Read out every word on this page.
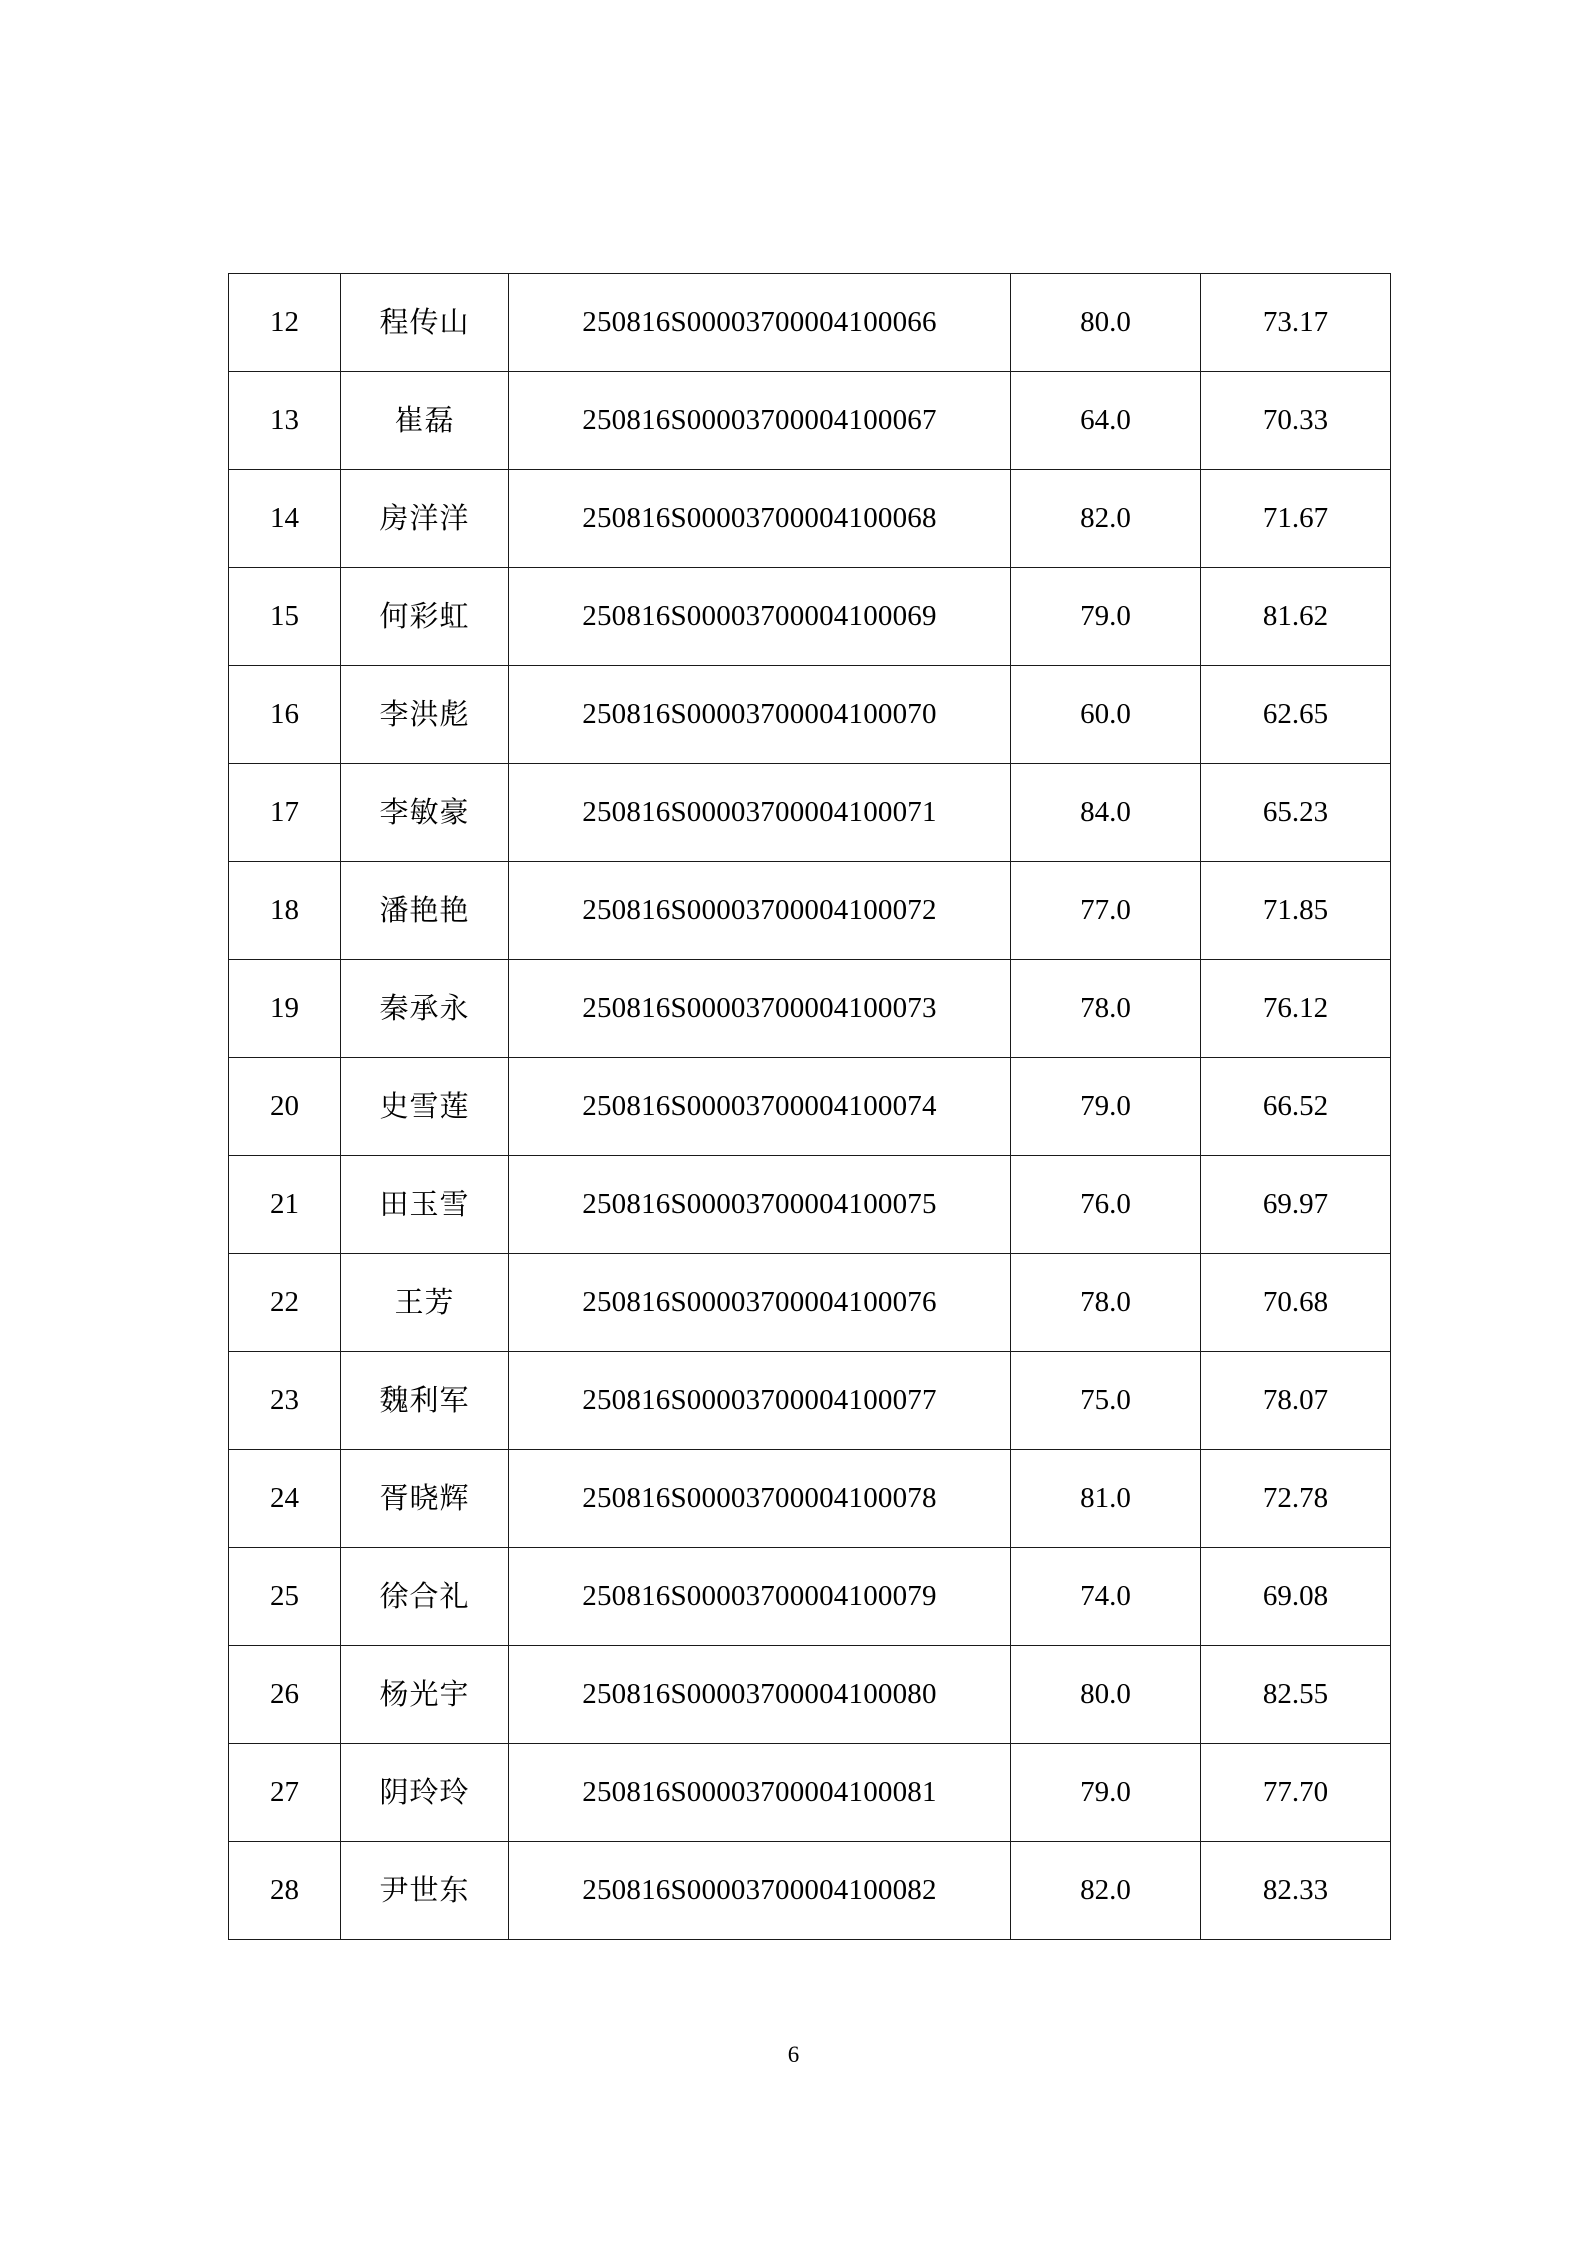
12	程传山	250816S00003700004100066	80.0	73.17
13	崔磊	250816S00003700004100067	64.0	70.33
14	房洋洋	250816S00003700004100068	82.0	71.67
15	何彩虹	250816S00003700004100069	79.0	81.62
16	李洪彪	250816S00003700004100070	60.0	62.65
17	李敏豪	250816S00003700004100071	84.0	65.23
18	潘艳艳	250816S00003700004100072	77.0	71.85
19	秦承永	250816S00003700004100073	78.0	76.12
20	史雪莲	250816S00003700004100074	79.0	66.52
21	田玉雪	250816S00003700004100075	76.0	69.97
22	王芳	250816S00003700004100076	78.0	70.68
23	魏利军	250816S00003700004100077	75.0	78.07
24	胥晓辉	250816S00003700004100078	81.0	72.78
25	徐合礼	250816S00003700004100079	74.0	69.08
26	杨光宇	250816S00003700004100080	80.0	82.55
27	阴玲玲	250816S00003700004100081	79.0	77.70
28	尹世东	250816S00003700004100082	82.0	82.33
6
